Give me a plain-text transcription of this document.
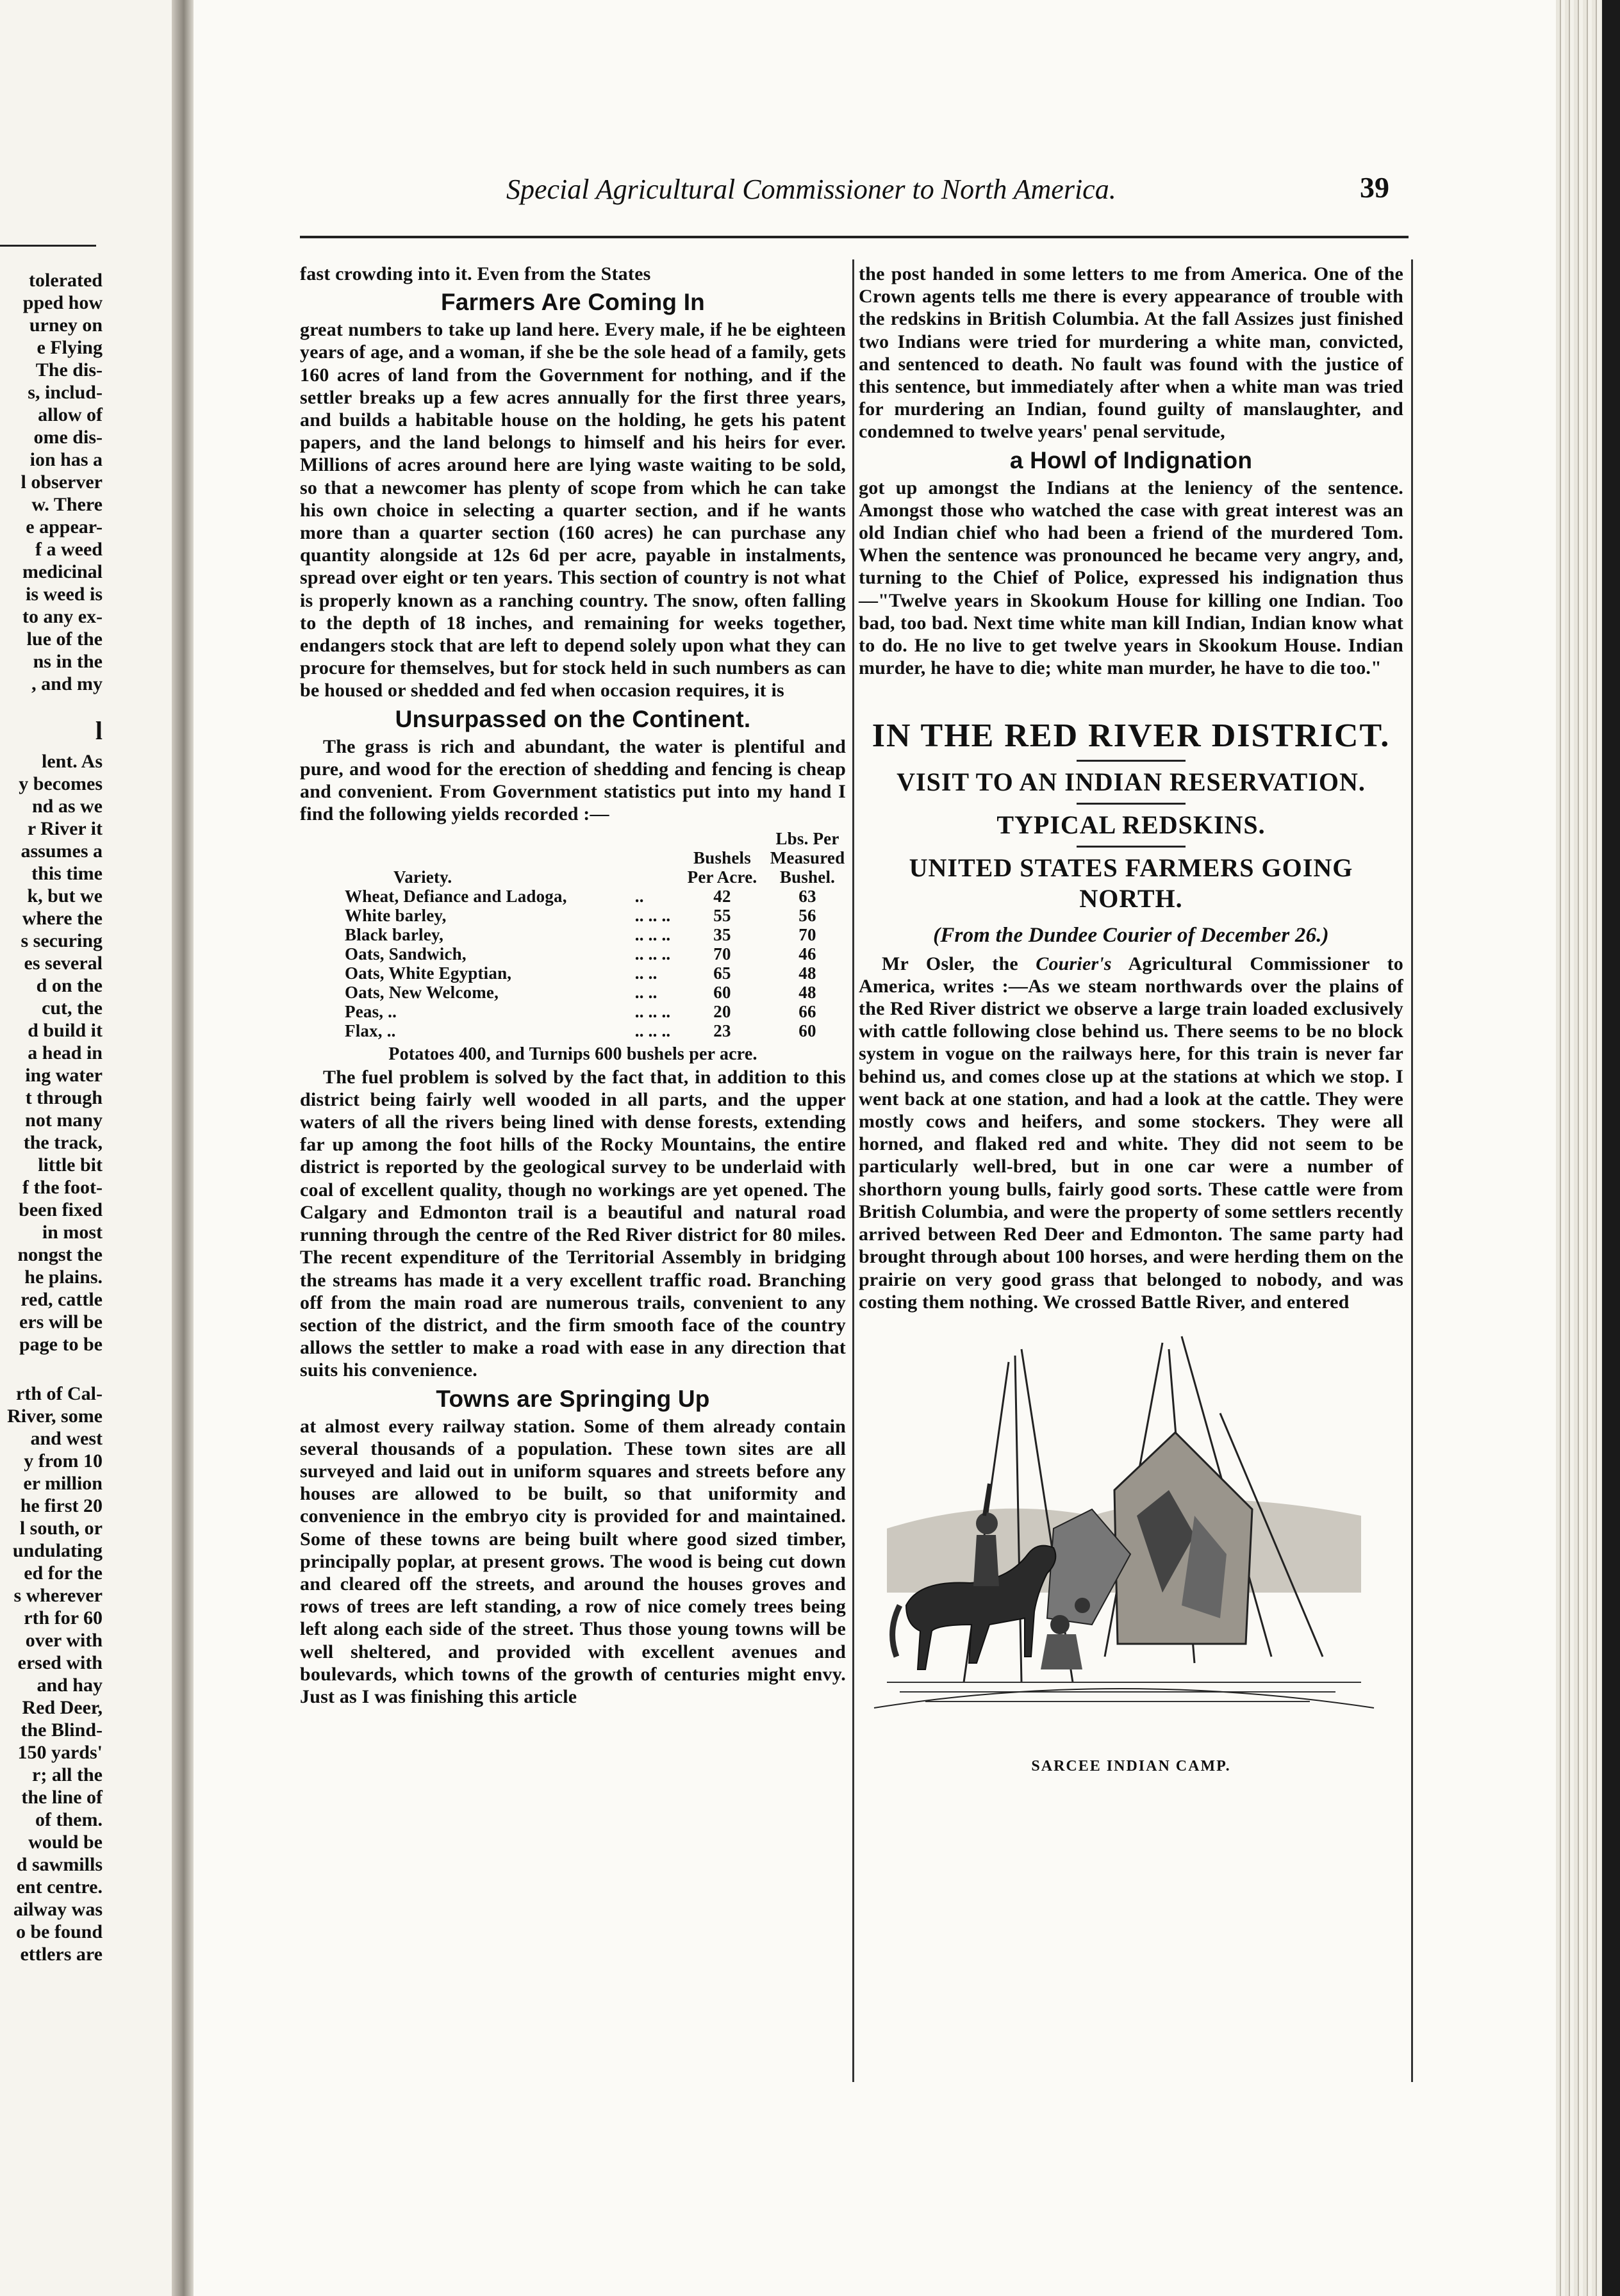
tolerated
pped how
urney on
e Flying
The dis-
s, includ-
allow of
ome dis-
ion has a
l observer
w. There
e appear-
f a weed
medicinal
is weed is
to any ex-
lue of the
ns in the
, and my
l
lent. As
y becomes
nd as we
r River it
assumes a
this time
k, but we
where the
s securing
es several
d on the
cut, the
d build it
a head in
ing water
t through
not many
the track,
little bit
f the foot-
been fixed
in most
nongst the
he plains.
red, cattle
ers will be
page to be
rth of Cal-
River, some
and west
y from 10
er million
he first 20
l south, or
undulating
ed for the
s wherever
rth for 60
over with
ersed with
and hay
Red Deer,
the Blind-
150 yards'
r; all the
the line of
of them.
would be
d sawmills
ent centre.
ailway was
o be found
ettlers are
Special Agricultural Commissioner to North America.	39

fast crowding into it. Even from the States

Farmers Are Coming In

great numbers to take up land here. Every male, if he be eighteen years of age, and a woman, if she be the sole head of a family, gets 160 acres of land from the Government for nothing, and if the settler breaks up a few acres annually for the first three years, and builds a habitable house on the holding, he gets his patent papers, and the land belongs to himself and his heirs for ever. Millions of acres around here are lying waste waiting to be sold, so that a newcomer has plenty of scope from which he can take his own choice in selecting a quarter section, and if he wants more than a quarter section (160 acres) he can purchase any quantity alongside at 12s 6d per acre, payable in instalments, spread over eight or ten years. This section of country is not what is properly known as a ranching country. The snow, often falling to the depth of 18 inches, and remaining for weeks together, endangers stock that are left to depend solely upon what they can procure for themselves, but for stock held in such numbers as can be housed or shedded and fed when occasion requires, it is

Unsurpassed on the Continent.

The grass is rich and abundant, the water is plentiful and pure, and wood for the erection of shedding and fencing is cheap and convenient. From Government statistics put into my hand I find the following yields recorded :—

Variety.		Bushels Per Acre.	Lbs. Per Measured Bushel.
Wheat, Defiance and Ladoga,	..	42	63
White barley,	.. .. ..	55	56
Black barley,	.. .. ..	35	70
Oats, Sandwich,	.. .. ..	70	46
Oats, White Egyptian,	.. ..	65	48
Oats, New Welcome,	.. ..	60	48
Peas, ..	.. .. ..	20	66
Flax, ..	.. .. ..	23	60
Potatoes 400, and Turnips 600 bushels per acre.

The fuel problem is solved by the fact that, in addition to this district being fairly well wooded in all parts, and the upper waters of all the rivers being lined with dense forests, extending far up among the foot hills of the Rocky Mountains, the entire district is reported by the geological survey to be underlaid with coal of excellent quality, though no workings are yet opened. The Calgary and Edmonton trail is a beautiful and natural road running through the centre of the Red River district for 80 miles. The recent expenditure of the Territorial Assembly in bridging the streams has made it a very excellent traffic road. Branching off from the main road are numerous trails, convenient to any section of the district, and the firm smooth face of the country allows the settler to make a road with ease in any direction that suits his convenience.

Towns are Springing Up

at almost every railway station. Some of them already contain several thousands of a population. These town sites are all surveyed and laid out in uniform squares and streets before any houses are allowed to be built, so that uniformity and convenience in the embryo city is provided for and maintained. Some of these towns are being built where good sized timber, principally poplar, at present grows. The wood is being cut down and cleared off the streets, and around the houses groves and rows of trees are left standing, a row of nice comely trees being left along each side of the street. Thus those young towns will be well sheltered, and provided with excellent avenues and boulevards, which towns of the growth of centuries might envy. Just as I was finishing this article

the post handed in some letters to me from America. One of the Crown agents tells me there is every appearance of trouble with the redskins in British Columbia. At the fall Assizes just finished two Indians were tried for murdering a white man, convicted, and sentenced to death. No fault was found with the justice of this sentence, but immediately after when a white man was tried for murdering an Indian, found guilty of manslaughter, and condemned to twelve years' penal servitude,

a Howl of Indignation

got up amongst the Indians at the leniency of the sentence. Amongst those who watched the case with great interest was an old Indian chief who had been a friend of the murdered Tom. When the sentence was pronounced he became very angry, and, turning to the Chief of Police, expressed his indignation thus—"Twelve years in Skookum House for killing one Indian. Too bad, too bad. Next time white man kill Indian, Indian know what to do. He no live to get twelve years in Skookum House. Indian murder, he have to die; white man murder, he have to die too."

IN THE RED RIVER DISTRICT.
VISIT TO AN INDIAN RESERVATION.
TYPICAL REDSKINS.
UNITED STATES FARMERS GOING NORTH.
(From the Dundee Courier of December 26.)

Mr Osler, the Courier's Agricultural Commissioner to America, writes :—As we steam northwards over the plains of the Red River district we observe a large train loaded exclusively with cattle following close behind us. There seems to be no block system in vogue on the railways here, for this train is never far behind us, and comes close up at the stations at which we stop. I went back at one station, and had a look at the cattle. They were mostly cows and heifers, and some stockers. They were all horned, and flaked red and white. They did not seem to be particularly well-bred, but in one car were a number of shorthorn young bulls, fairly good sorts. These cattle were from British Columbia, and were the property of some settlers recently arrived between Red Deer and Edmonton. The same party had brought through about 100 horses, and were herding them on the prairie on very good grass that belonged to nobody, and was costing them nothing. We crossed Battle River, and entered

SARCEE INDIAN CAMP.
